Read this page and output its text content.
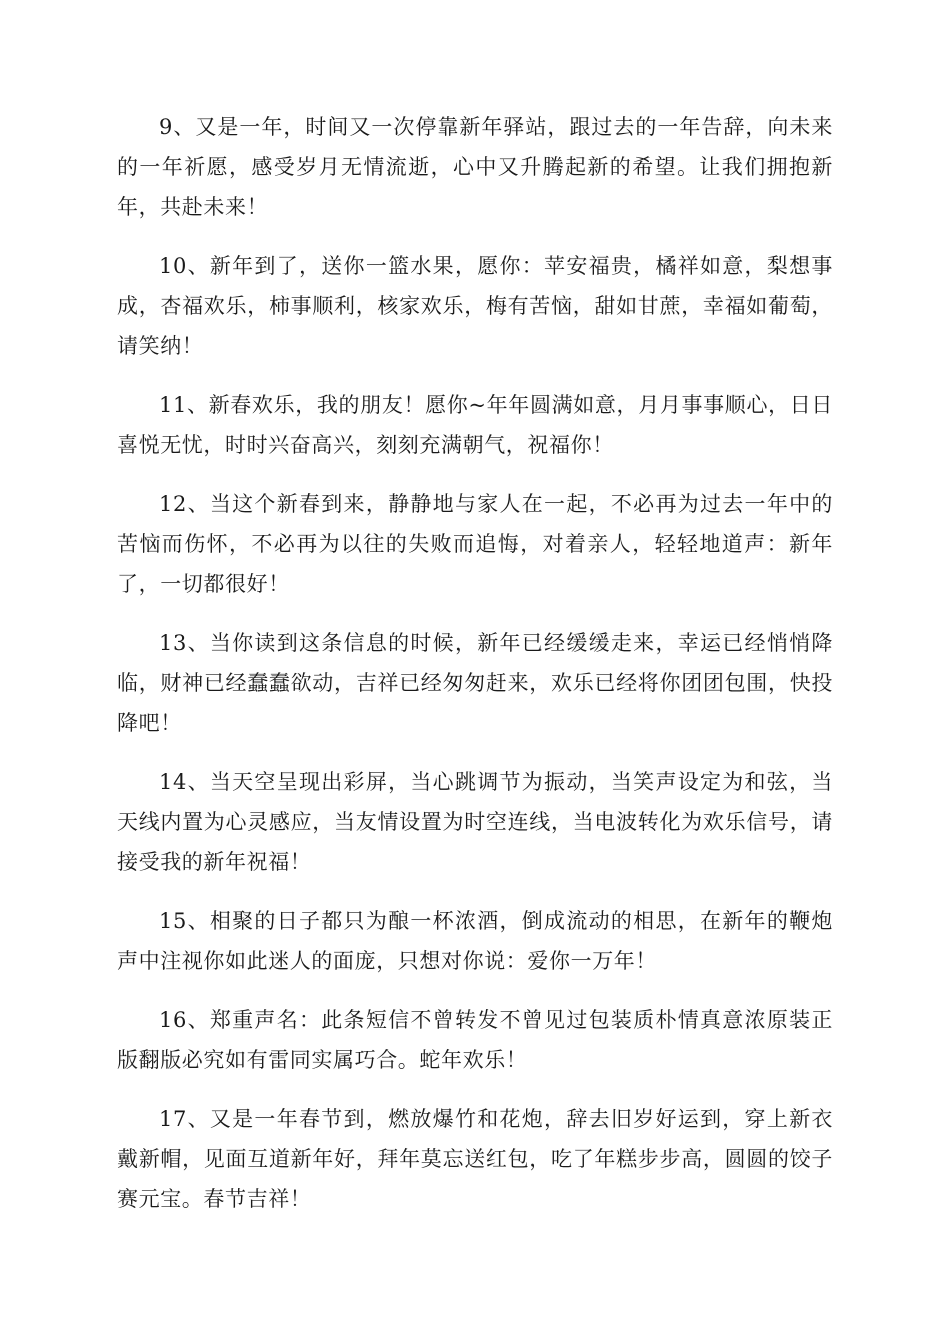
9、又是一年，时间又一次停靠新年驿站，跟过去的一年告辞，向未来的一年祈愿，感受岁月无情流逝，心中又升腾起新的希望。让我们拥抱新年，共赴未来！

10、新年到了，送你一篮水果，愿你：苹安福贵，橘祥如意，梨想事成，杏福欢乐，柿事顺利，核家欢乐，梅有苦恼，甜如甘蔗，幸福如葡萄，请笑纳！

11、新春欢乐，我的朋友！愿你~年年圆满如意，月月事事顺心，日日喜悦无忧，时时兴奋高兴，刻刻充满朝气，祝福你！

12、当这个新春到来，静静地与家人在一起，不必再为过去一年中的苦恼而伤怀，不必再为以往的失败而追悔，对着亲人，轻轻地道声：新年了，一切都很好！

13、当你读到这条信息的时候，新年已经缓缓走来，幸运已经悄悄降临，财神已经蠢蠢欲动，吉祥已经匆匆赶来，欢乐已经将你团团包围，快投降吧！

14、当天空呈现出彩屏，当心跳调节为振动，当笑声设定为和弦，当天线内置为心灵感应，当友情设置为时空连线，当电波转化为欢乐信号，请接受我的新年祝福！

15、相聚的日子都只为酿一杯浓酒，倒成流动的相思，在新年的鞭炮声中注视你如此迷人的面庞，只想对你说：爱你一万年！

16、郑重声名：此条短信不曾转发不曾见过包装质朴情真意浓原装正版翻版必究如有雷同实属巧合。蛇年欢乐！

17、又是一年春节到，燃放爆竹和花炮，辞去旧岁好运到，穿上新衣戴新帽，见面互道新年好，拜年莫忘送红包，吃了年糕步步高，圆圆的饺子赛元宝。春节吉祥！
